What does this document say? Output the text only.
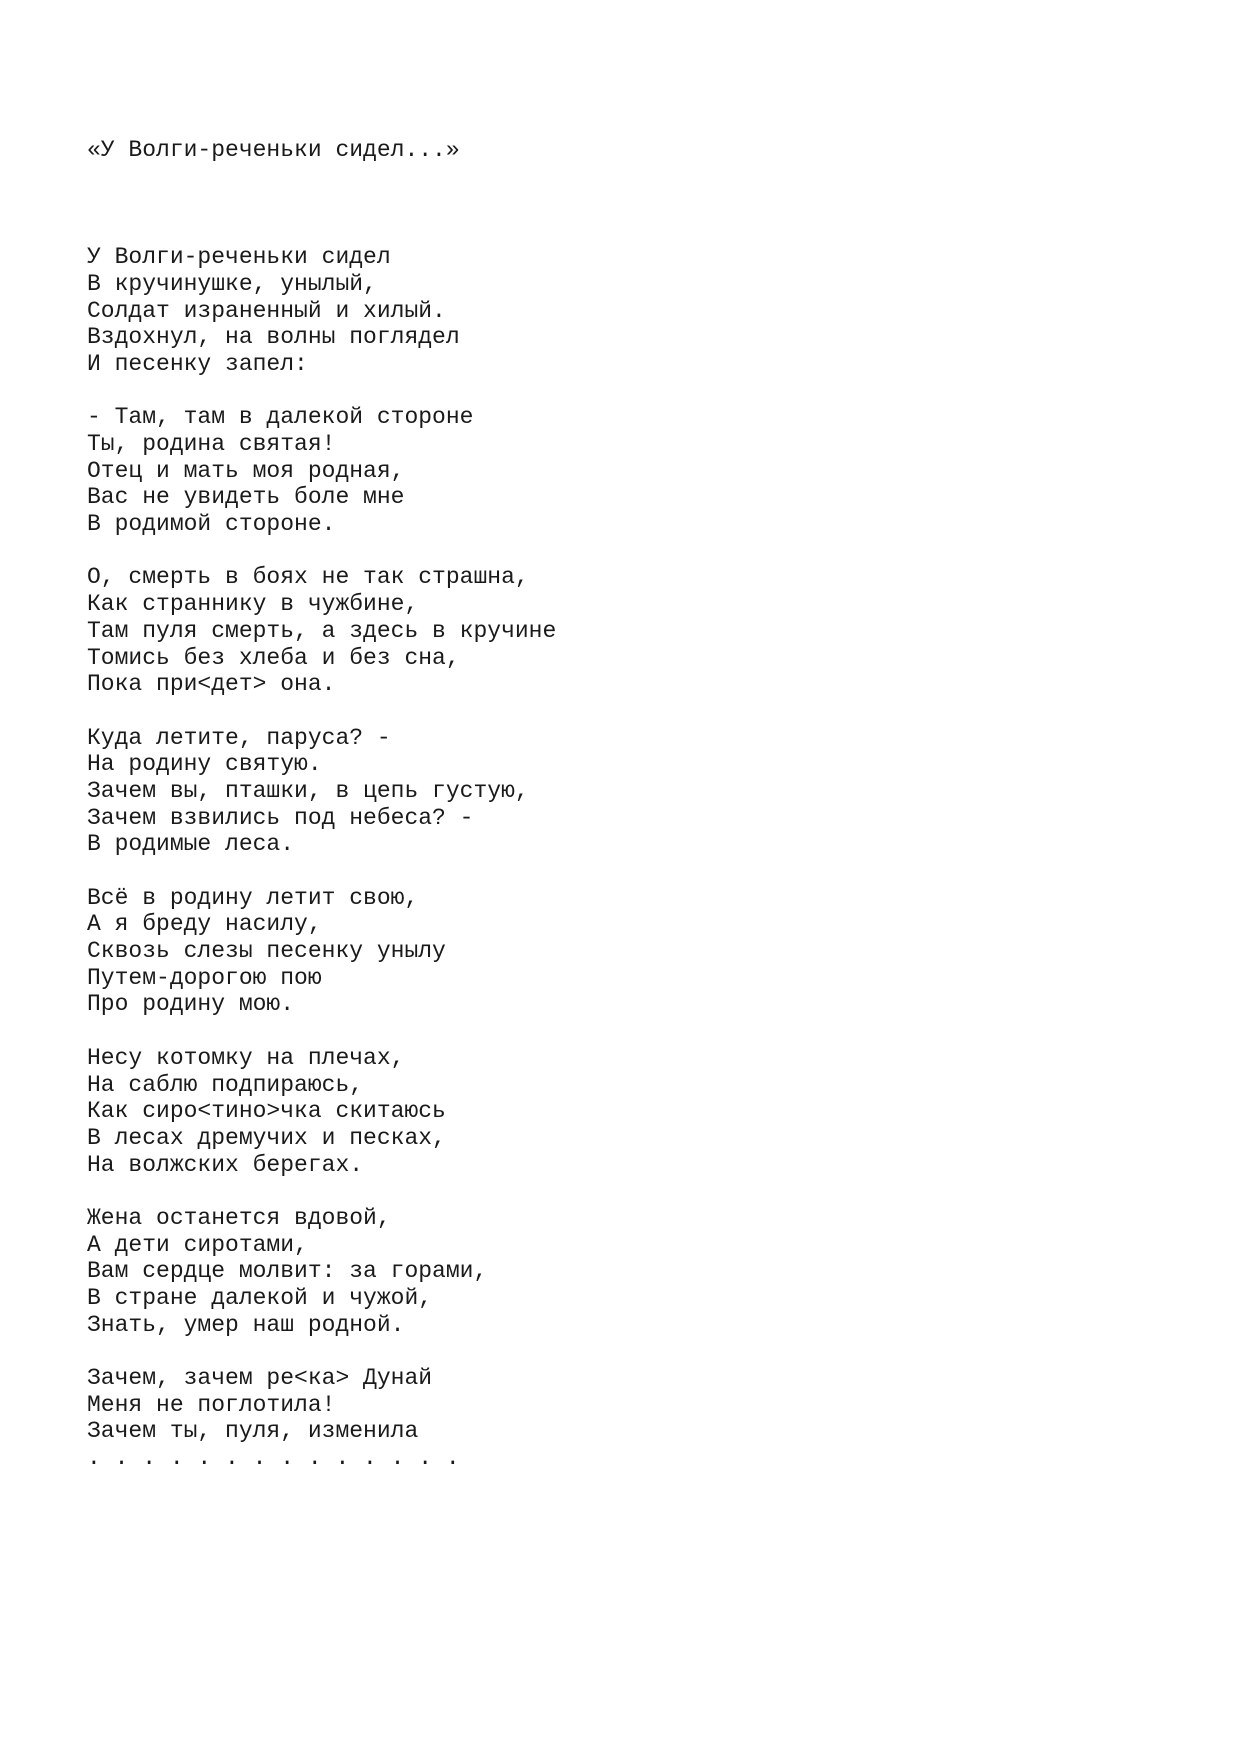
«У Волги-реченьки сидел...»

У Волги-реченьки сидел
В кручинушке, унылый,
Солдат израненный и хилый.
Вздохнул, на волны поглядел
И песенку запел:
- Там, там в далекой стороне
Ты, родина святая!
Отец и мать моя родная,
Вас не увидеть боле мне
В родимой стороне.
О, смерть в боях не так страшна,
Как страннику в чужбине,
Там пуля смерть, а здесь в кручине
Томись без хлеба и без сна,
Пока при<дет> она.
Куда летите, паруса? -
На родину святую.
Зачем вы, пташки, в цепь густую,
Зачем взвились под небеса? -
В родимые леса.
Всё в родину летит свою,
А я бреду насилу,
Сквозь слезы песенку унылу
Путем-дорогою пою
Про родину мою.
Несу котомку на плечах,
На саблю подпираюсь,
Как сиро<тино>чка скитаюсь
В лесах дремучих и песках,
На волжских берегах.
Жена останется вдовой,
А дети сиротами,
Вам сердце молвит: за горами,
В стране далекой и чужой,
Знать, умер наш родной.
Зачем, зачем ре<ка> Дунай
Меня не поглотила!
Зачем ты, пуля, изменила
. . . . . . . . . . . . . .
